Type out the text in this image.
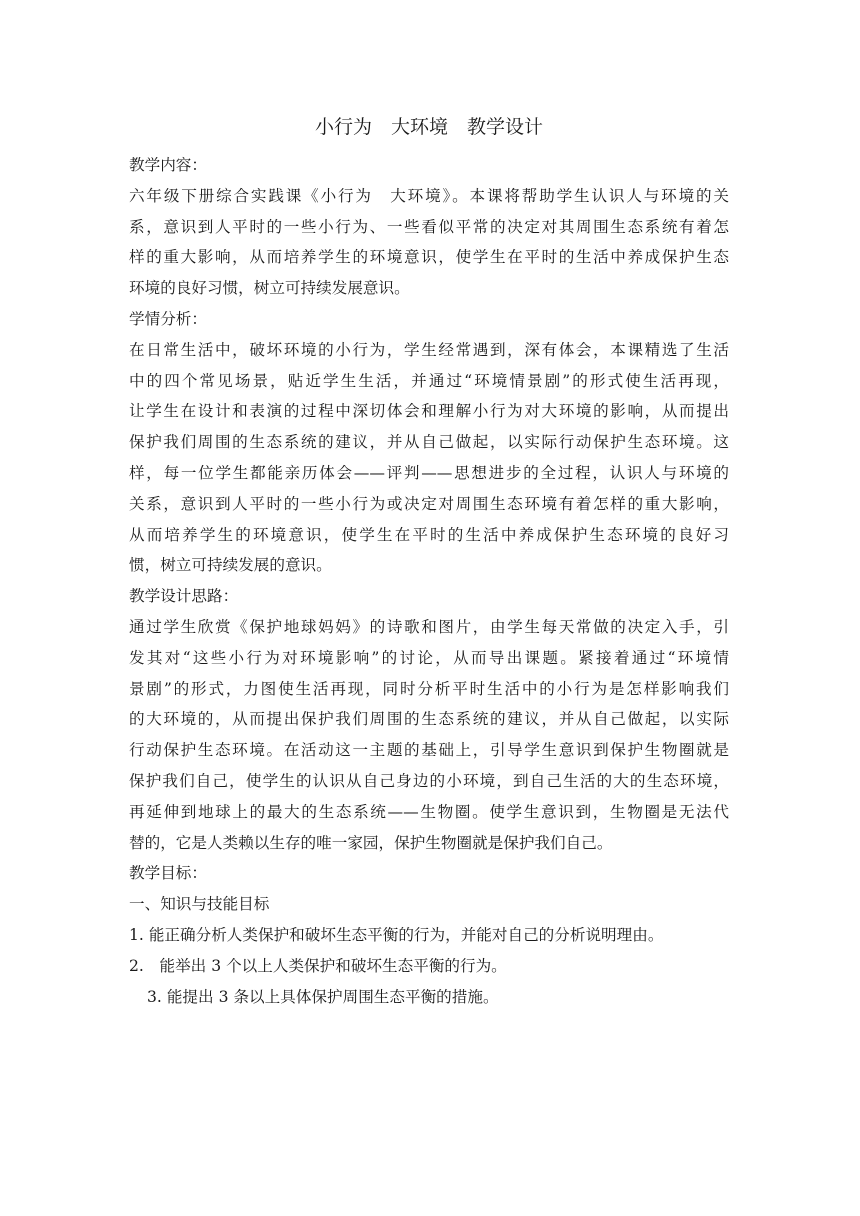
小行为　大环境　教学设计

教学内容：

六年级下册综合实践课《小行为　大环境》。本课将帮助学生认识人与环境的关

系，意识到人平时的一些小行为、一些看似平常的决定对其周围生态系统有着怎

样的重大影响，从而培养学生的环境意识，使学生在平时的生活中养成保护生态

环境的良好习惯，树立可持续发展意识。

学情分析：

在日常生活中，破坏环境的小行为，学生经常遇到，深有体会，本课精选了生活

中的四个常见场景，贴近学生生活，并通过“环境情景剧”的形式使生活再现，

让学生在设计和表演的过程中深切体会和理解小行为对大环境的影响，从而提出

保护我们周围的生态系统的建议，并从自己做起，以实际行动保护生态环境。这

样，每一位学生都能亲历体会——评判——思想进步的全过程，认识人与环境的

关系，意识到人平时的一些小行为或决定对周围生态环境有着怎样的重大影响，

从而培养学生的环境意识，使学生在平时的生活中养成保护生态环境的良好习

惯，树立可持续发展的意识。

教学设计思路：

通过学生欣赏《保护地球妈妈》的诗歌和图片，由学生每天常做的决定入手，引

发其对“这些小行为对环境影响”的讨论，从而导出课题。紧接着通过“环境情

景剧”的形式，力图使生活再现，同时分析平时生活中的小行为是怎样影响我们

的大环境的，从而提出保护我们周围的生态系统的建议，并从自己做起，以实际

行动保护生态环境。在活动这一主题的基础上，引导学生意识到保护生物圈就是

保护我们自己，使学生的认识从自己身边的小环境，到自己生活的大的生态环境，

再延伸到地球上的最大的生态系统——生物圈。使学生意识到，生物圈是无法代

替的，它是人类赖以生存的唯一家园，保护生物圈就是保护我们自己。

教学目标：

一、知识与技能目标

1. 能正确分析人类保护和破坏生态平衡的行为，并能对自己的分析说明理由。

2.　能举出 3 个以上人类保护和破坏生态平衡的行为。

3. 能提出 3 条以上具体保护周围生态平衡的措施。
